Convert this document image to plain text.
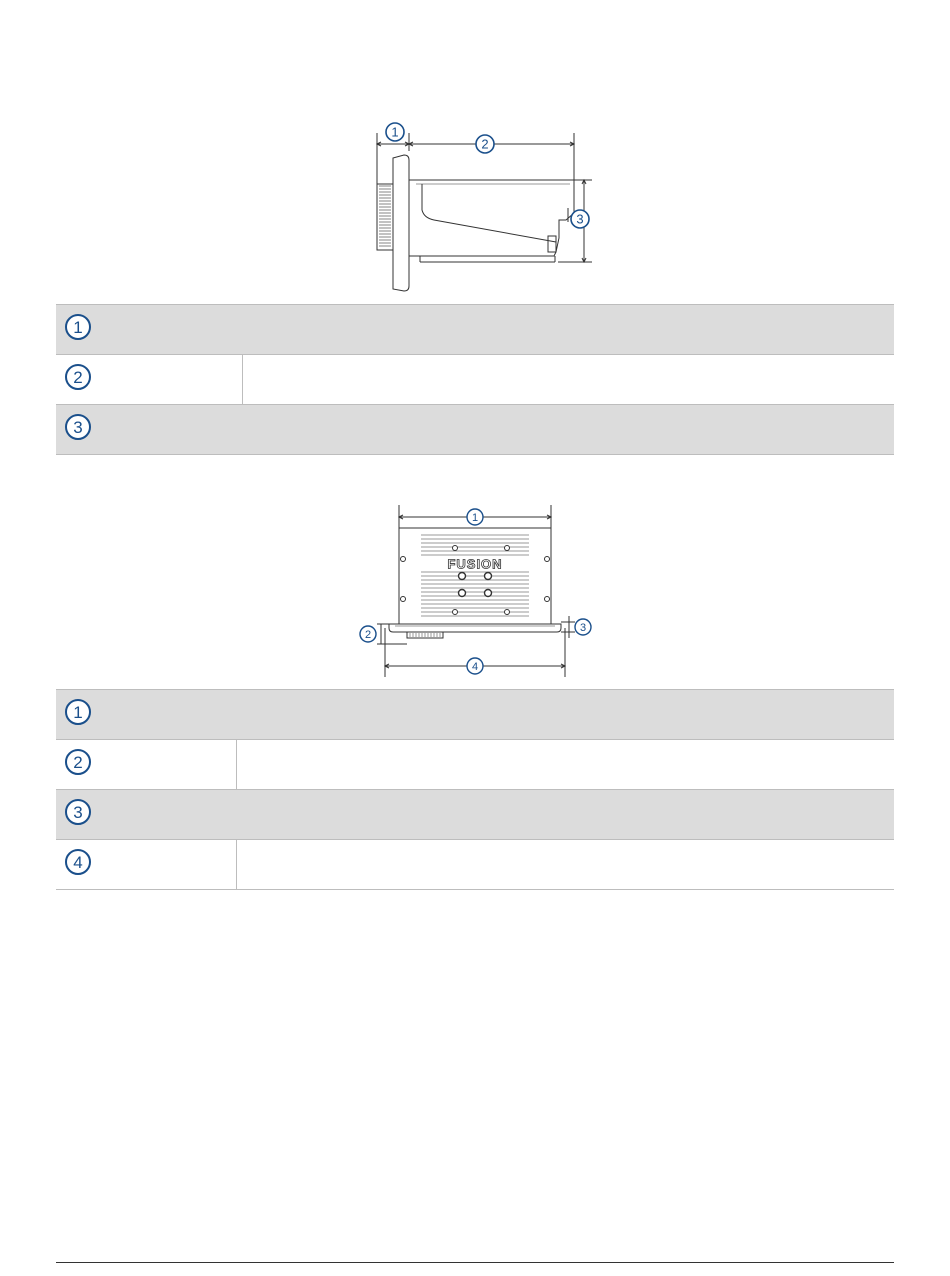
1
2
3
1

2

3
FUSION
1
2
3
4
1	

2	

3	

4	
